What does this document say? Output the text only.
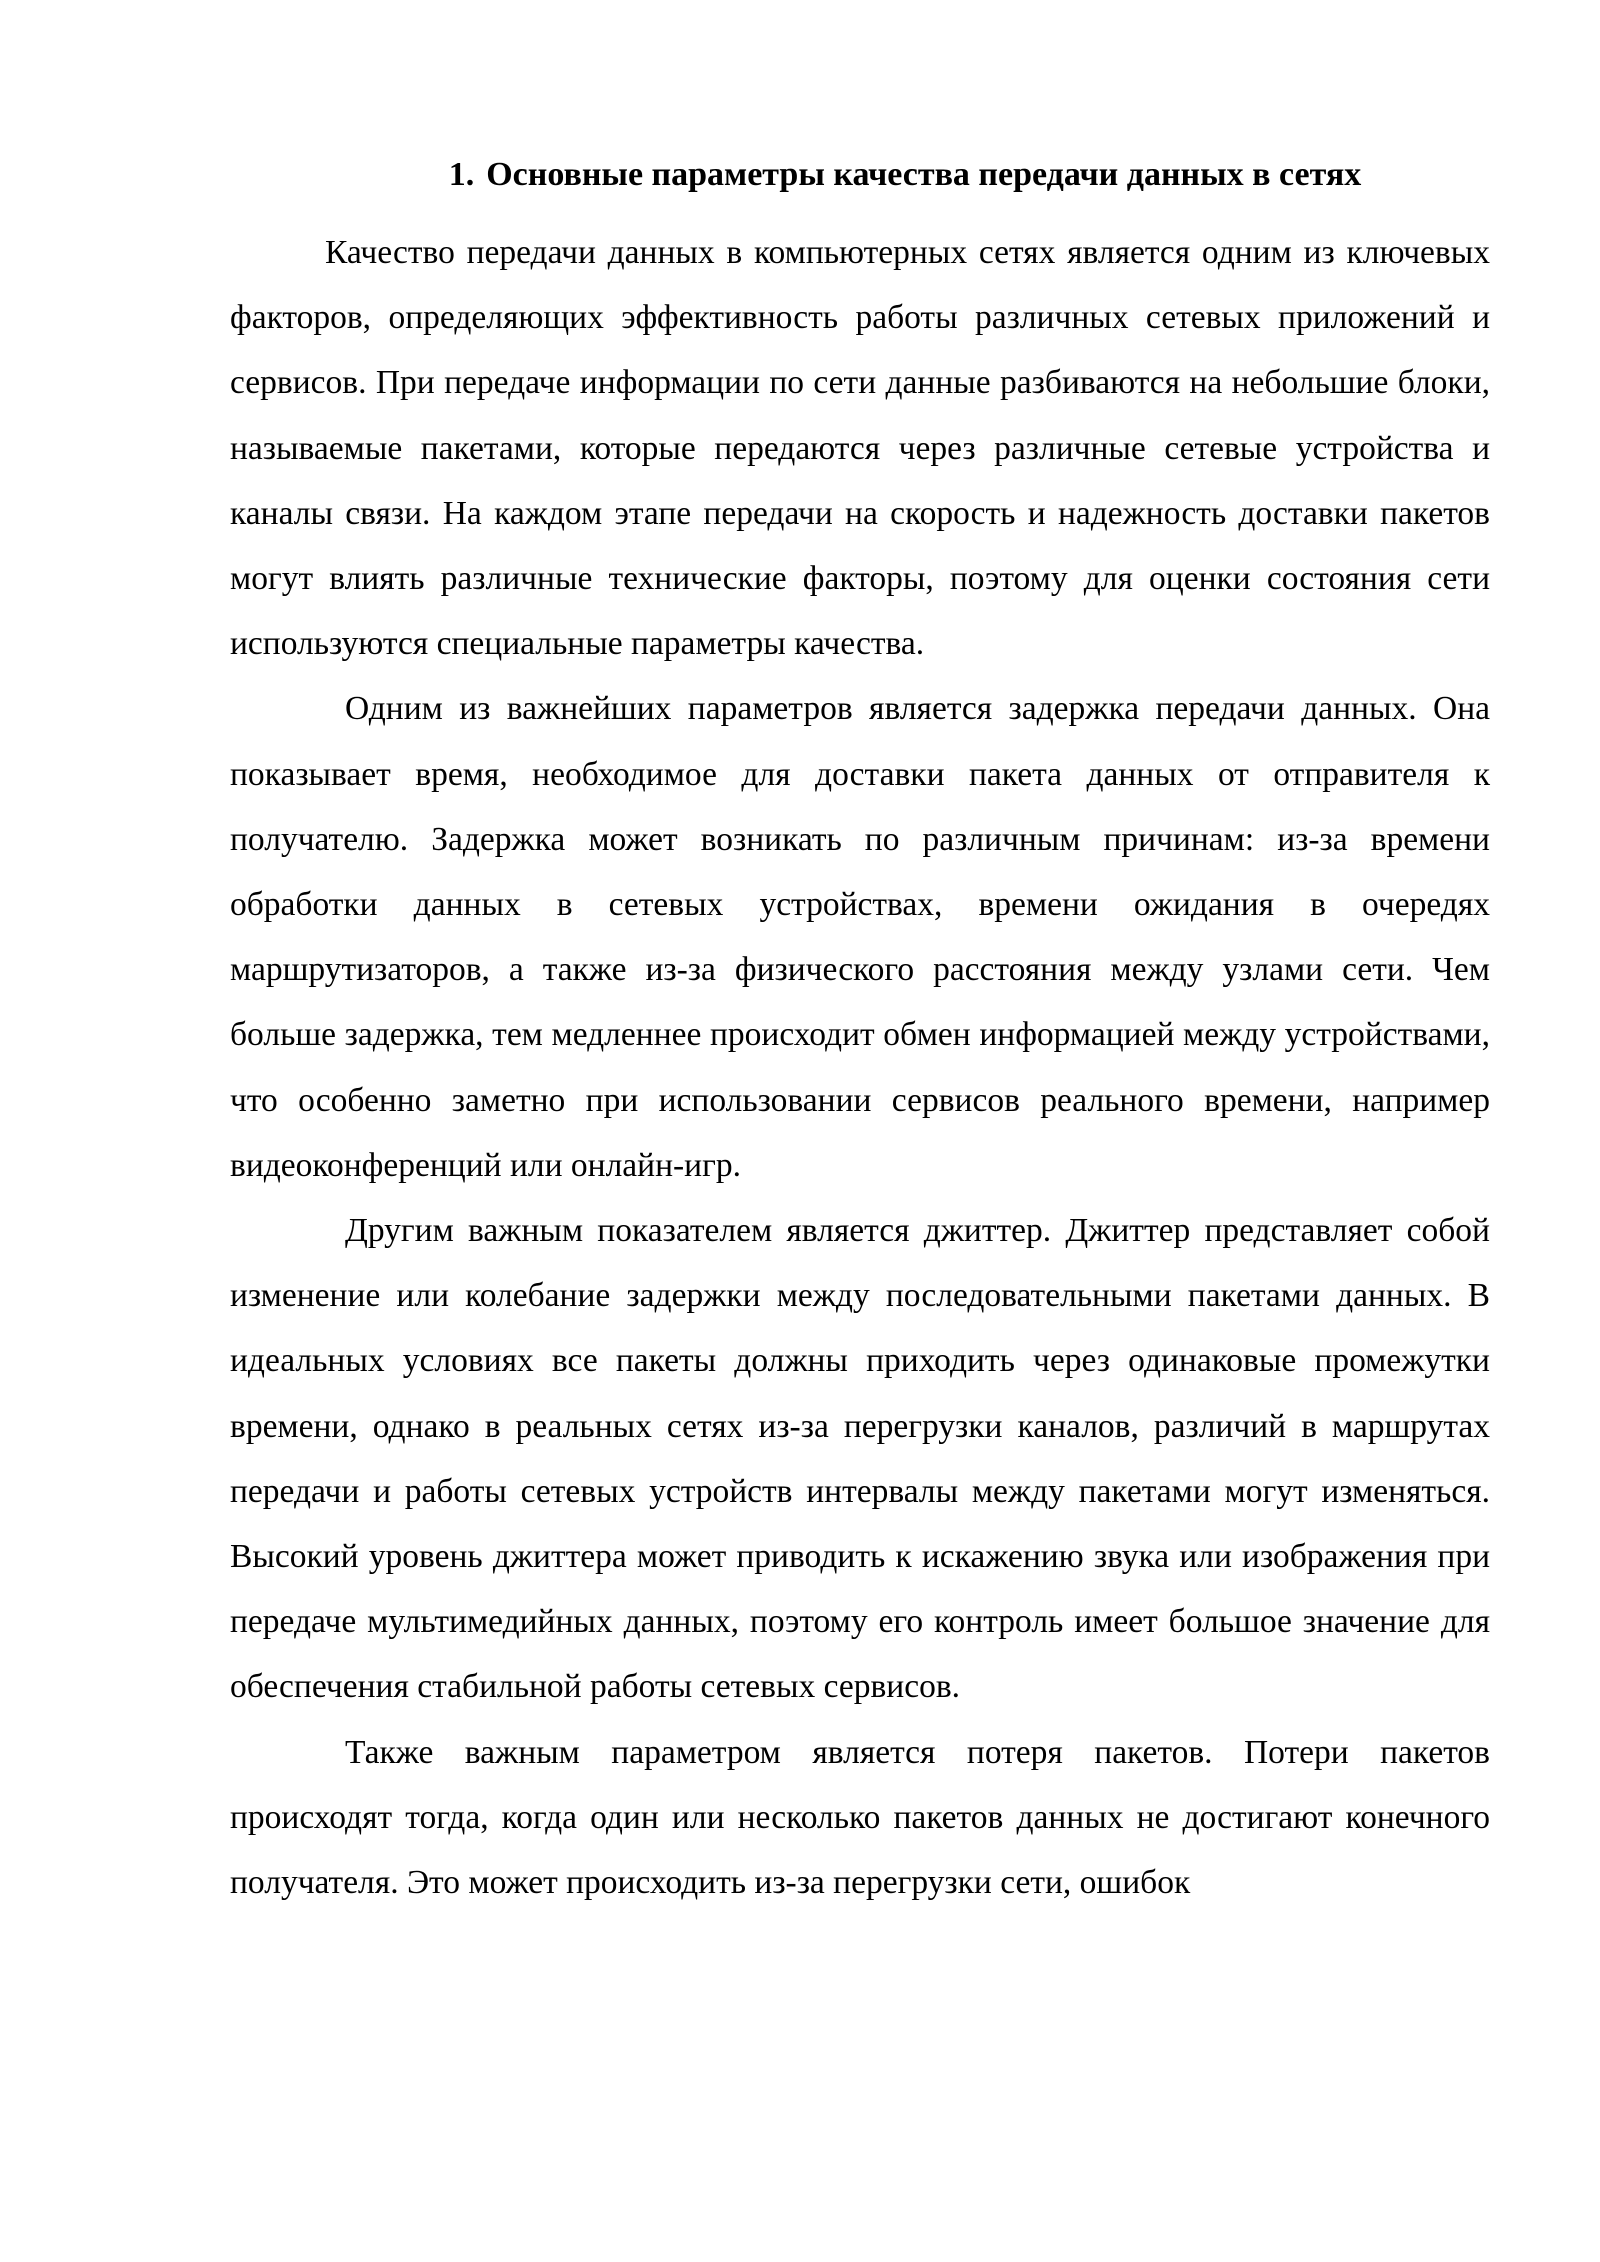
1. Основные параметры качества передачи данных в сетях

Качество передачи данных в компьютерных сетях является одним из ключевых факторов, определяющих эффективность работы различных сетевых приложений и сервисов. При передаче информации по сети данные разбиваются на небольшие блоки, называемые пакетами, которые передаются через различные сетевые устройства и каналы связи. На каждом этапе передачи на скорость и надежность доставки пакетов могут влиять различные технические факторы, поэтому для оценки состояния сети используются специальные параметры качества.

Одним из важнейших параметров является задержка передачи данных. Она показывает время, необходимое для доставки пакета данных от отправителя к получателю. Задержка может возникать по различным причинам: из-за времени обработки данных в сетевых устройствах, времени ожидания в очередях маршрутизаторов, а также из-за физического расстояния между узлами сети. Чем больше задержка, тем медленнее происходит обмен информацией между устройствами, что особенно заметно при использовании сервисов реального времени, например видеоконференций или онлайн-игр.

Другим важным показателем является джиттер. Джиттер представляет собой изменение или колебание задержки между последовательными пакетами данных. В идеальных условиях все пакеты должны приходить через одинаковые промежутки времени, однако в реальных сетях из-за перегрузки каналов, различий в маршрутах передачи и работы сетевых устройств интервалы между пакетами могут изменяться. Высокий уровень джиттера может приводить к искажению звука или изображения при передаче мультимедийных данных, поэтому его контроль имеет большое значение для обеспечения стабильной работы сетевых сервисов.

Также важным параметром является потеря пакетов. Потери пакетов происходят тогда, когда один или несколько пакетов данных не достигают конечного получателя. Это может происходить из-за перегрузки сети, ошибок
